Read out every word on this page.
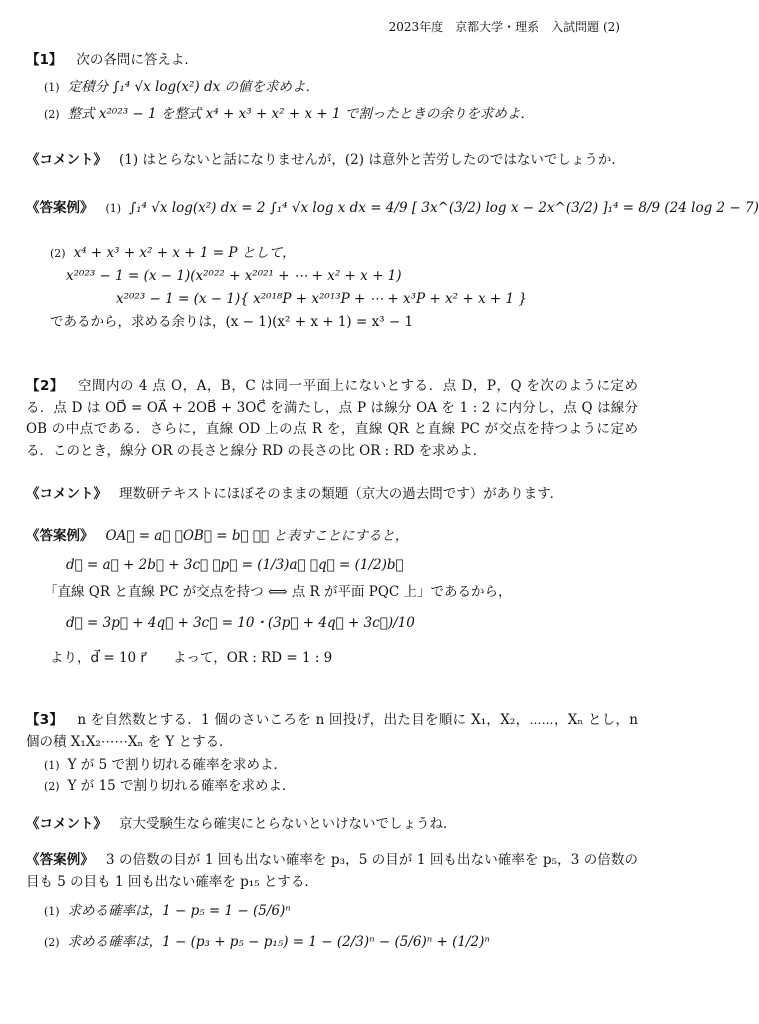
2023年度　京都大学・理系　入試問題 (2)
【1】 次の各問に答えよ．
(1) 定積分 ∫₁⁴ √x log(x²) dx の値を求めよ．
(2) 整式 x²⁰²³ − 1 を整式 x⁴ + x³ + x² + x + 1 で割ったときの余りを求めよ．
《コメント》 (1) はとらないと話になりませんが，(2) は意外と苦労したのではないでしょうか．
《答案例》 (1) ∫₁⁴ √x log(x²) dx = 2 ∫₁⁴ √x log x dx = 4/9 [ 3x^(3/2) log x − 2x^(3/2) ]₁⁴ = 8/9 (24 log 2 − 7)
(2) x⁴ + x³ + x² + x + 1 = P として，
x²⁰²³ − 1 = (x − 1)(x²⁰²² + x²⁰²¹ + ⋯ + x² + x + 1)
x²⁰²³ − 1 = (x − 1){ x²⁰¹⁸P + x²⁰¹³P + ⋯ + x³P + x² + x + 1 }
であるから，求める余りは，(x − 1)(x² + x + 1) = x³ − 1
【2】 空間内の 4 点 O，A，B，C は同一平面上にないとする．点 D，P，Q を次のように定める．点 D は OD⃗ = OA⃗ + 2OB⃗ + 3OC⃗ を満たし，点 P は線分 OA を 1 : 2 に内分し，点 Q は線分 OB の中点である．さらに，直線 OD 上の点 R を，直線 QR と直線 PC が交点を持つように定める．このとき，線分 OR の長さと線分 RD の長さの比 OR : RD を求めよ．
《コメント》 理数研テキストにほぼそのままの類題（京大の過去問です）があります．
《答案例》 OA⃗ = a⃗ ，OB⃗ = b⃗ ，⋯ と表すことにすると，
d⃗ = a⃗ + 2b⃗ + 3c⃗ ，p⃗ = (1/3)a⃗ ，q⃗ = (1/2)b⃗
「直線 QR と直線 PC が交点を持つ ⟺ 点 R が平面 PQC 上」であるから，
d⃗ = 3p⃗ + 4q⃗ + 3c⃗ = 10・(3p⃗ + 4q⃗ + 3c⃗)/10
より，d⃗ = 10 r⃗　　よって，OR : RD = 1 : 9
【3】 n を自然数とする．1 個のさいころを n 回投げ，出た目を順に X₁，X₂，⋯⋯，Xₙ とし，n 個の積 X₁X₂⋯⋯Xₙ を Y とする．
(1) Y が 5 で割り切れる確率を求めよ．
(2) Y が 15 で割り切れる確率を求めよ．
《コメント》 京大受験生なら確実にとらないといけないでしょうね．
《答案例》 3 の倍数の目が 1 回も出ない確率を p₃，5 の目が 1 回も出ない確率を p₅，3 の倍数の目も 5 の目も 1 回も出ない確率を p₁₅ とする．
(1) 求める確率は，1 − p₅ = 1 − (5/6)ⁿ
(2) 求める確率は，1 − (p₃ + p₅ − p₁₅) = 1 − (2/3)ⁿ − (5/6)ⁿ + (1/2)ⁿ
